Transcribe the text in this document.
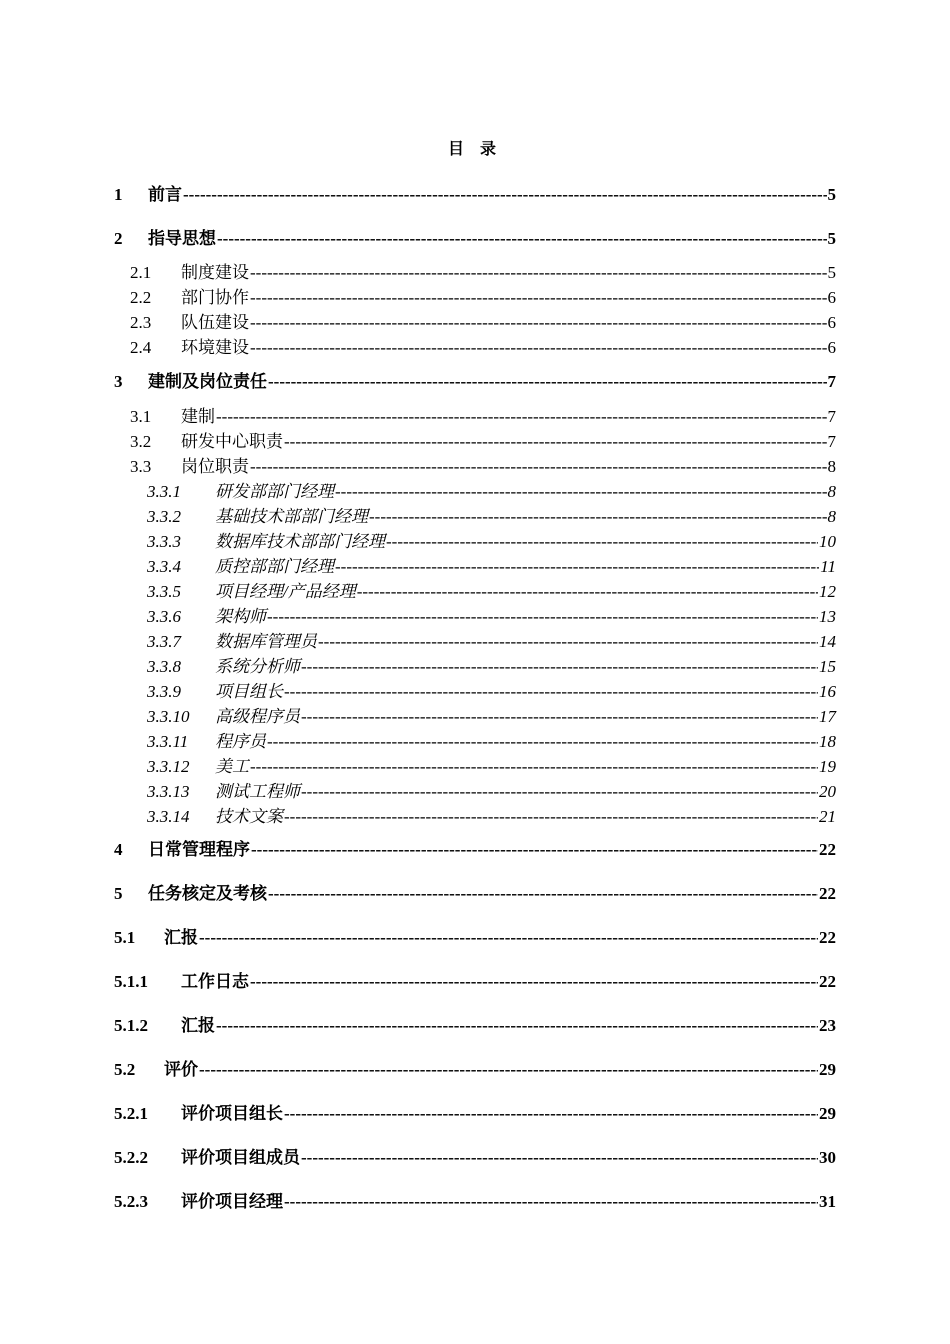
目 录
1	前言 -----	5
2	指导思想 -----	5
2.1	制度建设 -----	5
2.2	部门协作 -----	6
2.3	队伍建设 -----	6
2.4	环境建设 -----	6
3	建制及岗位责任 -----	7
3.1	建制 -----	7
3.2	研发中心职责 -----	7
3.3	岗位职责 -----	8
3.3.1	研发部部门经理 -----	8
3.3.2	基础技术部部门经理 -----	8
3.3.3	数据库技术部部门经理 -----	10
3.3.4	质控部部门经理 -----	11
3.3.5	项目经理/产品经理 -----	12
3.3.6	架构师 -----	13
3.3.7	数据库管理员 -----	14
3.3.8	系统分析师 -----	15
3.3.9	项目组长 -----	16
3.3.10	高级程序员 -----	17
3.3.11	程序员 -----	18
3.3.12	美工 -----	19
3.3.13	测试工程师 -----	20
3.3.14	技术文案 -----	21
4	日常管理程序 -----	22
5	任务核定及考核 -----	22
5.1	汇报 -----	22
5.1.1	工作日志 -----	22
5.1.2	汇报 -----	23
5.2	评价 -----	29
5.2.1	评价项目组长 -----	29
5.2.2	评价项目组成员 -----	30
5.2.3	评价项目经理 -----	31
